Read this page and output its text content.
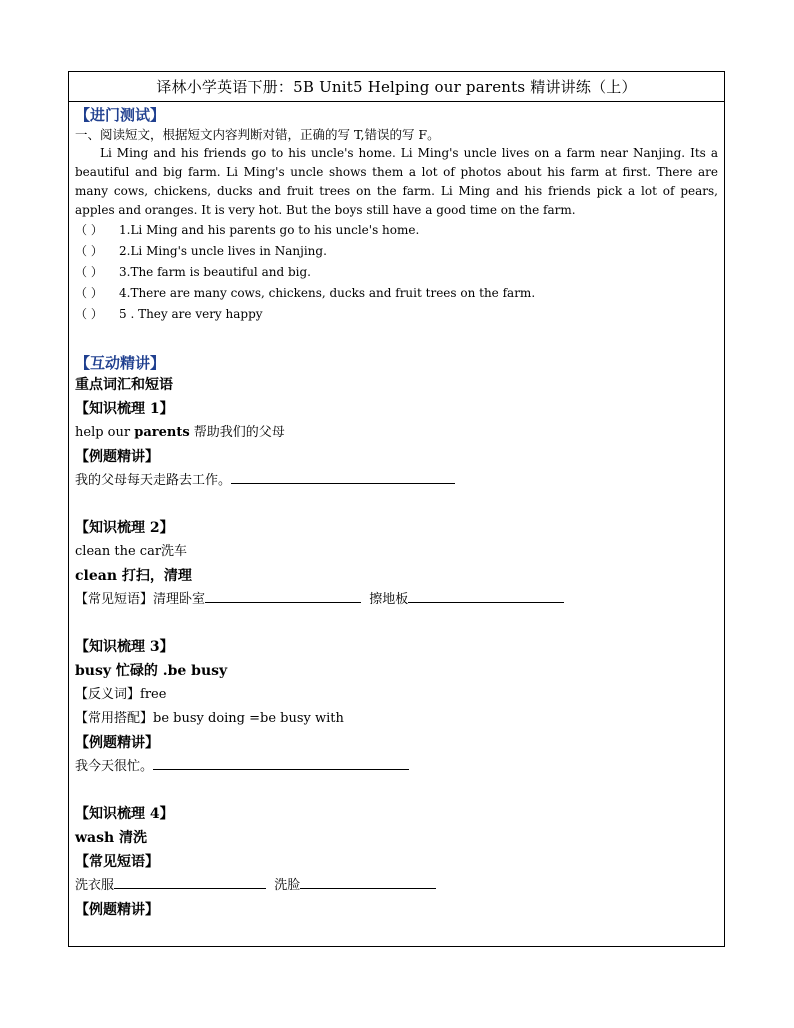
译林小学英语下册：5B Unit5 Helping our parents 精讲讲练（上）
【进门测试】
一、阅读短文，根据短文内容判断对错，正确的写 T,错误的写 F。

Li Ming and his friends go to his uncle's home. Li Ming's uncle lives on a farm near Nanjing. Its a beautiful and big farm. Li Ming's uncle shows them a lot of photos about his farm at first. There are many cows, chickens, ducks and fruit trees on the farm. Li Ming and his friends pick a lot of pears, apples and oranges. It is very hot. But the boys still have a good time on the farm.

（ ） 1.Li Ming and his parents go to his uncle's home.
（ ） 2.Li Ming's uncle lives in Nanjing.
（ ） 3.The farm is beautiful and big.
（ ） 4.There are many cows, chickens, ducks and fruit trees on the farm.
（ ） 5 . They are very happy
【互动精讲】
重点词汇和短语
【知识梳理 1】
help our parents 帮助我们的父母
【例题精讲】
我的父母每天走路去工作。
【知识梳理 2】
clean the car洗车
clean 打扫，清理
【常见短语】清理卧室	擦地板
【知识梳理 3】
busy 忙碌的 .be busy
【反义词】free
【常用搭配】be busy doing =be busy with
【例题精讲】
我今天很忙。
【知识梳理 4】
wash 清洗
【常见短语】
洗衣服	洗脸
【例题精讲】
